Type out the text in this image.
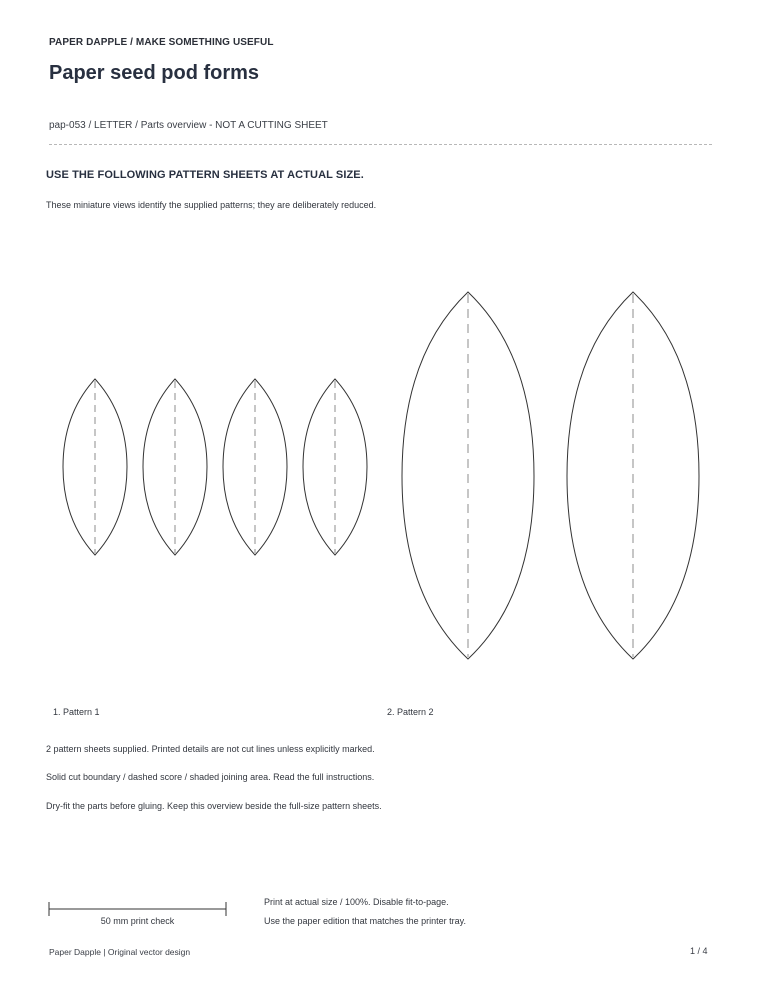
PAPER DAPPLE / MAKE SOMETHING USEFUL
Paper seed pod forms
pap-053 / LETTER / Parts overview - NOT A CUTTING SHEET
USE THE FOLLOWING PATTERN SHEETS AT ACTUAL SIZE.
These miniature views identify the supplied patterns; they are deliberately reduced.
1. Pattern 1	2. Pattern 2
2 pattern sheets supplied. Printed details are not cut lines unless explicitly marked.
Solid cut boundary / dashed score / shaded joining area. Read the full instructions.
Dry-fit the parts before gluing. Keep this overview beside the full-size pattern sheets.
50 mm print check
Print at actual size / 100%. Disable fit-to-page.
Use the paper edition that matches the printer tray.
Paper Dapple | Original vector design	1 / 4
